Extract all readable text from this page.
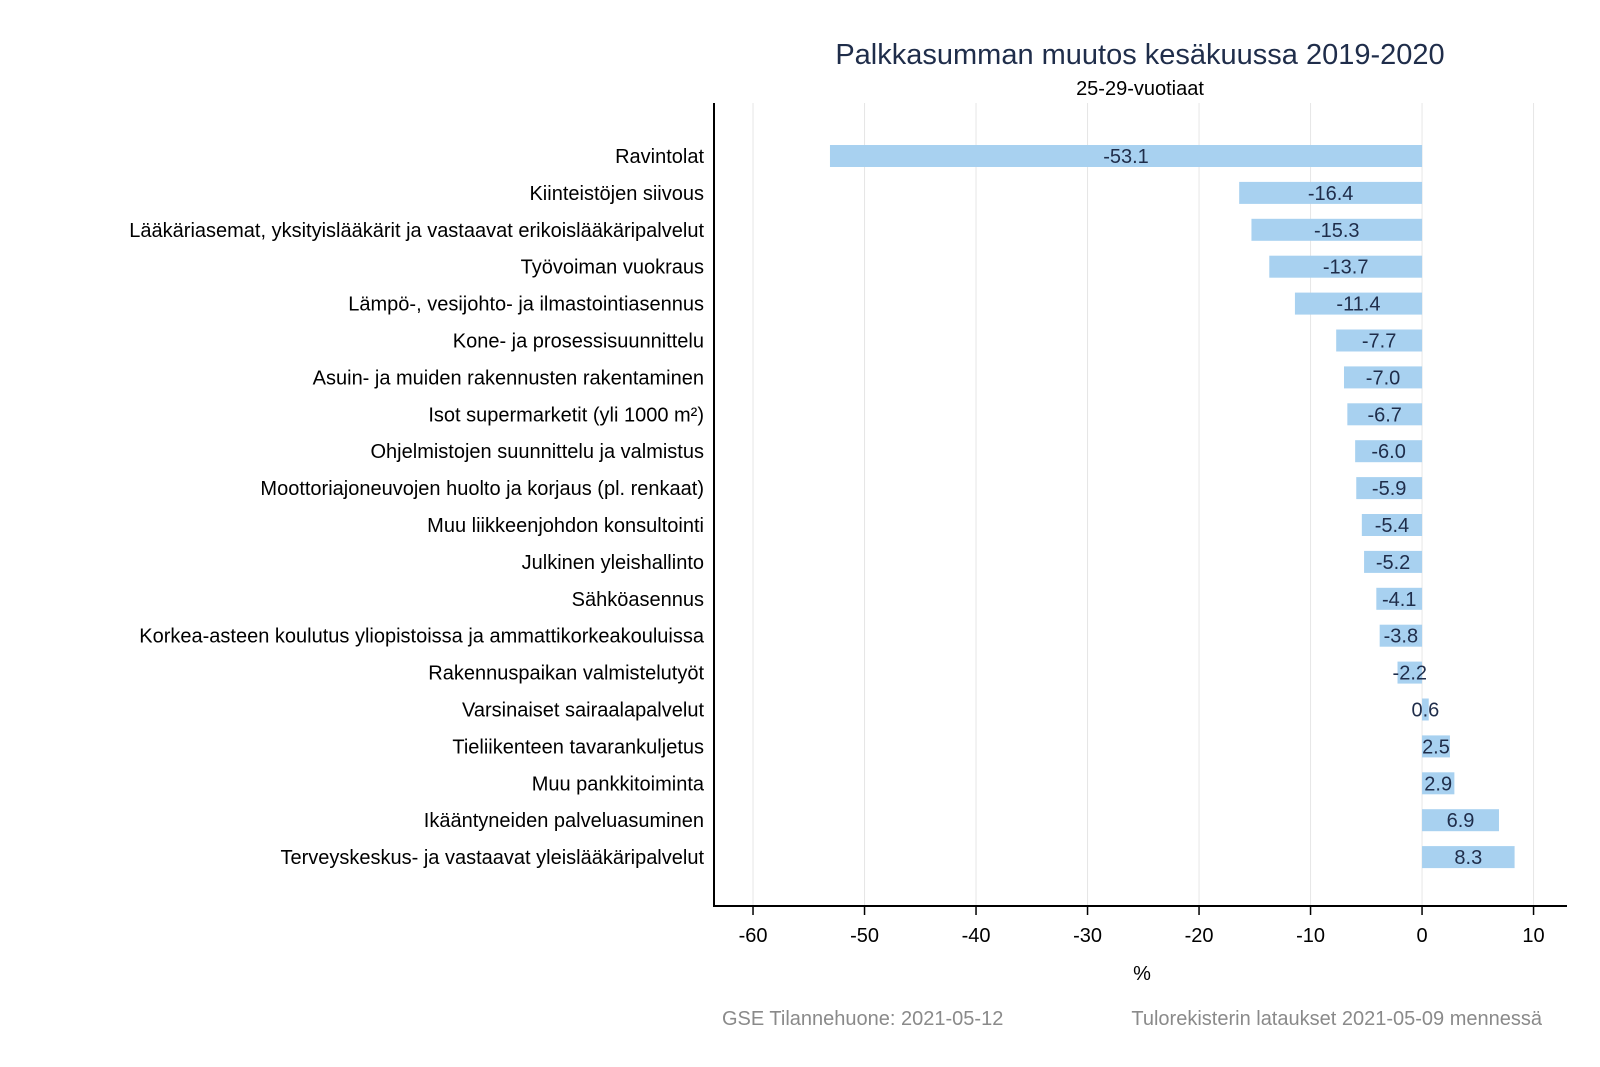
Palkkasumman muutos kesäkuussa 2019-2020
25-29-vuotiaat
-53.1
-16.4
-15.3
-13.7
-11.4
-7.7
-7.0
-6.7
-6.0
-5.9
-5.4
-5.2
-4.1
-3.8
-2.2
0.6
2.5
2.9
6.9
8.3
Ravintolat
Kiinteistöjen siivous
Lääkäriasemat, yksityislääkärit ja vastaavat erikoislääkäripalvelut
Työvoiman vuokraus
Lämpö-, vesijohto- ja ilmastointiasennus
Kone- ja prosessisuunnittelu
Asuin- ja muiden rakennusten rakentaminen
Isot supermarketit (yli 1000 m²)
Ohjelmistojen suunnittelu ja valmistus
Moottoriajoneuvojen huolto ja korjaus (pl. renkaat)
Muu liikkeenjohdon konsultointi
Julkinen yleishallinto
Sähköasennus
Korkea-asteen koulutus yliopistoissa ja ammattikorkeakouluissa
Rakennuspaikan valmistelutyöt
Varsinaiset sairaalapalvelut
Tieliikenteen tavarankuljetus
Muu pankkitoiminta
Ikääntyneiden palveluasuminen
Terveyskeskus- ja vastaavat yleislääkäripalvelut
-60	-50	-40	-30	-20	-10	0	10
%
GSE Tilannehuone: 2021-05-12	Tulorekisterin lataukset 2021-05-09 mennessä
